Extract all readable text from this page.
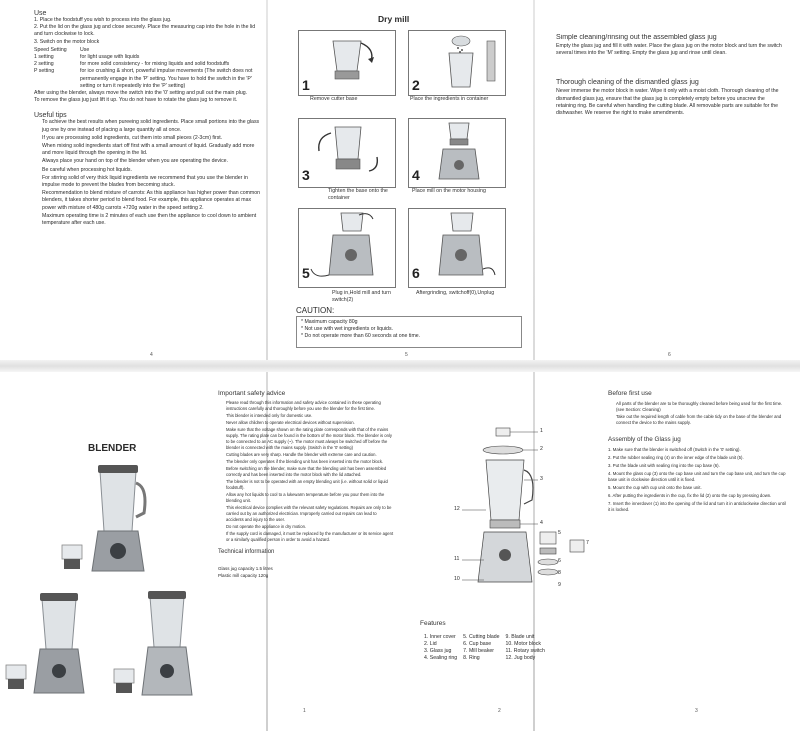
Use

1. Place the foodstuff you wish to process into the glass jug.

2. Put the lid on the glass jug and close securely. Place the measuring cap into the hole in the lid and turn clockwise to lock.

3. Switch on the motor block

Speed Setting	Use
1 setting	for light usage with liquids
2 setting	for more solid consistency - for mixing liquids and solid foodstuffs
P setting	for ice crushing & short, powerful impulse movements (The switch does not permanently engage in the 'P' setting. You have to hold the switch in the 'P' setting or turn it repeatedly into the 'P' setting)

After using the blender, always move the switch into the '0' setting and pull out the main plug.

To remove the glass jug just lift it up. You do not have to rotate the glass jug to remove it.

Useful tips

• To achieve the best results when pureeing solid ingredients. Place small portions into the glass jug one by one instead of placing a large quantity all at once.
• If you are processing solid ingredients, cut them into small pieces (2-3cm) first.
• When mixing solid ingredients start off first with a small amount of liquid. Gradually add more and more liquid through the opening in the lid.
• Always place your hand on top of the blender when you are operating the device.
• Be careful when processing hot liquids.
• For stirring solid of very thick liquid ingredients we recommend that you use the blender in impulse mode to prevent the blades from becoming stuck.
• Recommendation to blend mixture of carrots: As this appliance has higher power than common blenders, it takes shorter period to blend food. For example, this appliance operates at max power with mixture of 480g carrots +720g water in the speed setting 2.
• Maximum operating time is 2 minutes of each use then the appliance to cool down to ambient temperature after each use.
4
Dry mill
1
Remove cutter base
2
Place the ingredients in container
3
Tighten the base onto the container
4
Place mill on the motor housing
5
Plug in,Hold mill and turn switch(2)
6
Aftergrinding, switchoff(0),Unplug
CAUTION:

* Maximum capacity 80g

* Not use with wet ingredients or liquids.

* Do not operate more than 60 seconds at one time.

5

Simple cleaning/rinsing out the assembled glass jug

Empty the glass jug and fill it with water. Place the glass jug on the motor block and turn the switch several times into the 'M' setting. Empty the glass jug and rinse until clean.

Thorough cleaning of the dismantled glass jug

Never immerse the motor block in water. Wipe it only with a moist cloth. Thorough cleaning of the dismantled glass jug, ensure that the glass jug is completely empty before you unscrew the retaining ring. Be careful when handling the cutting blade. All removable parts are suitable for the dishwasher. We reserve the right to make amendments.

6
BLENDER

Important safety advice

• Please read through this information and safety advice contained in these operating instructions carefully and thoroughly before you use the blender for the first time.
• This blender is intended only for domestic use.
• Never allow children to operate electrical devices without supervision.
• Make sure that the voltage shown on the rating plate corresponds with that of the mains supply. The rating plate can be found in the bottom of the motor block. The blender is only to be connected to an AC supply (~). The motor must always be switched off before the blender is connected with the mains supply. (Switch in the '0' setting)
• Cutting blades are very sharp. Handle the blender with extreme care and caution.
• The blender only operates if the blending unit has been inserted into the motor block.
• Before switching on the blender, make sure that the blending unit has been assembled correctly and has been inserted into the motor block with the lid attached.
• The blender is not to be operated with an empty blending unit (i.e. without solid or liquid foodstuff).
• Allow any hot liquids to cool to a lukewarm temperature before you pour them into the blending unit.
• This electrical device complies with the relevant safety regulations. Repairs are only to be carried out by an authorized electrician. Improperly carried out repairs can lead to accidents and injury to the user.
• Do not operate the appliance in dry motion.
• If the supply cord is damaged, it must be replaced by the manufacturer or its service agent or a similarly qualified person in order to avoid a hazard.

Technical information

Glass jug capacity 1.5 litres

Plastic mill capacity 120g

1
1
2
3
4
5
6
7
8
9
10
11
12

Features

1. Inner cover	5. Cutting blade	9. Blade unit
2. Lid	6. Cup base	10. Motor block
3. Glass jug	7. Mill beaker	11. Rotary switch
4. Sealing ring	8. Ring	12. Jug body
2

Before first use

• All parts of the blender are to be thoroughly cleaned before being used for the first time. (see Section: Cleaning)
• Take out the required length of cable from the cable tidy on the base of the blender and connect the device to the mains supply.

Assembly of the Glass jug

1. Make sure that the blender is switched off (Switch in the '0' setting).

2. Put the rubber sealing ring (4) on the inner edge of the blade unit (5).

3. Put the blade unit with sealing ring into the cup base (6).

4. Mount the glass cup (3) onto the cup base unit and turn the cup base unit, and turn the cup base unit in clockwise direction until it is fixed.

5. Mount the cup with cup unit onto the base unit.

6. After putting the ingredients in the cup, fix the lid (2) onto the cup by pressing down.

7. Insert the innerdover (1) into the opening of the lid and turn it in anticlockwise direction until it is locked.

3
